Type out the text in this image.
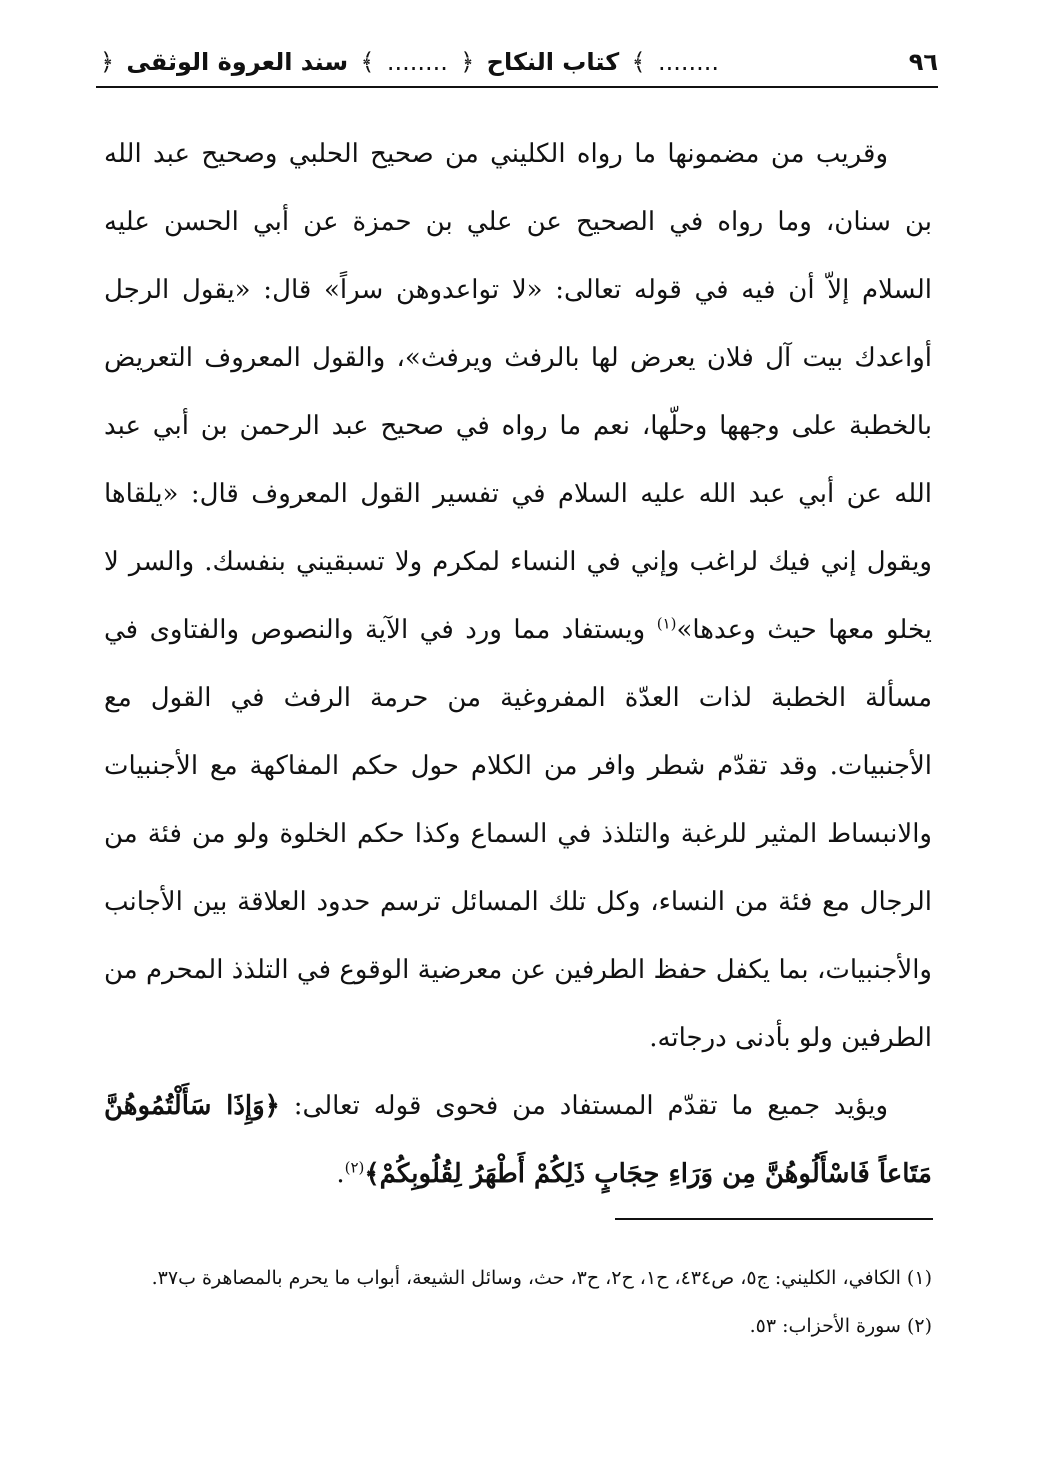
٩٦
........ ﴾ كتاب النكاح ﴿ ........ ﴾ سند العروة الوثقى ﴿

وقريب من مضمونها ما رواه الكليني من صحيح الحلبي وصحيح عبد الله بن سنان، وما رواه في الصحيح عن علي بن حمزة عن أبي الحسن عليه السلام إلاّ أن فيه في قوله تعالى: «لا تواعدوهن سراً» قال: «يقول الرجل أواعدك بيت آل فلان يعرض لها بالرفث ويرفث»، والقول المعروف التعريض بالخطبة على وجهها وحلّها، نعم ما رواه في صحيح عبد الرحمن بن أبي عبد الله عن أبي عبد الله عليه السلام في تفسير القول المعروف قال: «يلقاها ويقول إني فيك لراغب وإني في النساء لمكرم ولا تسبقيني بنفسك. والسر لا يخلو معها حيث وعدها»$^{(١)}$ ويستفاد مما ورد في الآية والنصوص والفتاوى في مسألة الخطبة لذات العدّة المفروغية من حرمة الرفث في القول مع الأجنبيات. وقد تقدّم شطر وافر من الكلام حول حكم المفاكهة مع الأجنبيات والانبساط المثير للرغبة والتلذذ في السماع وكذا حكم الخلوة ولو من فئة من الرجال مع فئة من النساء، وكل تلك المسائل ترسم حدود العلاقة بين الأجانب والأجنبيات، بما يكفل حفظ الطرفين عن معرضية الوقوع في التلذذ المحرم من الطرفين ولو بأدنى درجاته.

ويؤيد جميع ما تقدّم المستفاد من فحوى قوله تعالى: ﴿وَإِذَا سَأَلْتُمُوهُنَّ مَتَاعاً فَاسْأَلُوهُنَّ مِن وَرَاءِ حِجَابٍ ذَلِكُمْ أَطْهَرُ لِقُلُوبِكُمْ﴾$^{(٢)}$.

(١) الكافي، الكليني: ج٥، ص٤٣٤، ح١، ح٢، ح٣، حث، وسائل الشيعة، أبواب ما يحرم بالمصاهرة ب٣٧.

(٢) سورة الأحزاب: ٥٣.
